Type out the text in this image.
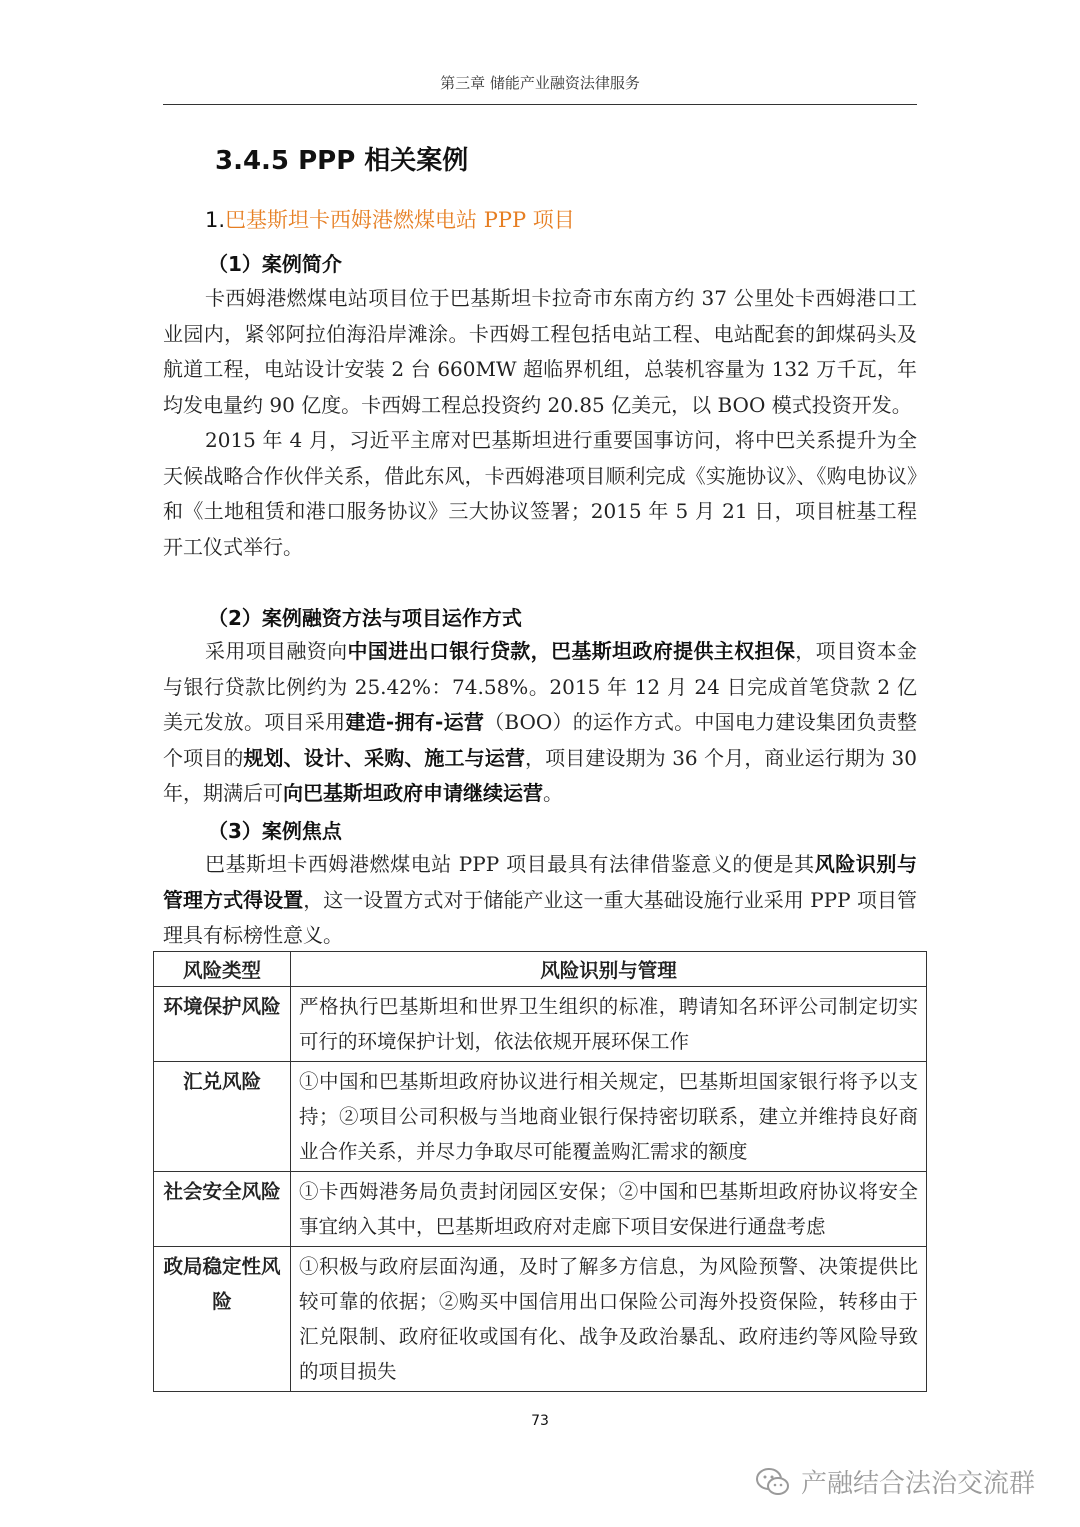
第三章 储能产业融资法律服务
3.4.5 PPP 相关案例
1.巴基斯坦卡西姆港燃煤电站 PPP 项目
（1）案例简介

卡西姆港燃煤电站项目位于巴基斯坦卡拉奇市东南方约 37 公里处卡西姆港口工业园内，紧邻阿拉伯海沿岸滩涂。卡西姆工程包括电站工程、电站配套的卸煤码头及航道工程，电站设计安装 2 台 660MW 超临界机组，总装机容量为 132 万千瓦，年均发电量约 90 亿度。卡西姆工程总投资约 20.85 亿美元，以 BOO 模式投资开发。

2015 年 4 月，习近平主席对巴基斯坦进行重要国事访问，将中巴关系提升为全天候战略合作伙伴关系，借此东风，卡西姆港项目顺利完成《实施协议》、《购电协议》和《土地租赁和港口服务协议》三大协议签署；2015 年 5 月 21 日，项目桩基工程开工仪式举行。

（2）案例融资方法与项目运作方式

采用项目融资向中国进出口银行贷款，巴基斯坦政府提供主权担保，项目资本金与银行贷款比例约为 25.42%：74.58%。2015 年 12 月 24 日完成首笔贷款 2 亿美元发放。项目采用建造-拥有-运营（BOO）的运作方式。中国电力建设集团负责整个项目的规划、设计、采购、施工与运营，项目建设期为 36 个月，商业运行期为 30 年，期满后可向巴基斯坦政府申请继续运营。

（3）案例焦点

巴基斯坦卡西姆港燃煤电站 PPP 项目最具有法律借鉴意义的便是其风险识别与管理方式得设置，这一设置方式对于储能产业这一重大基础设施行业采用 PPP 项目管理具有标榜性意义。

风险类型	风险识别与管理
环境保护风险	严格执行巴基斯坦和世界卫生组织的标准，聘请知名环评公司制定切实可行的环境保护计划，依法依规开展环保工作
汇兑风险	①中国和巴基斯坦政府协议进行相关规定，巴基斯坦国家银行将予以支持；②项目公司积极与当地商业银行保持密切联系，建立并维持良好商业合作关系，并尽力争取尽可能覆盖购汇需求的额度
社会安全风险	①卡西姆港务局负责封闭园区安保；②中国和巴基斯坦政府协议将安全事宜纳入其中，巴基斯坦政府对走廊下项目安保进行通盘考虑
政局稳定性风险	①积极与政府层面沟通，及时了解多方信息，为风险预警、决策提供比较可靠的依据；②购买中国信用出口保险公司海外投资保险，转移由于汇兑限制、政府征收或国有化、战争及政治暴乱、政府违约等风险导致的项目损失
73
产融结合法治交流群
